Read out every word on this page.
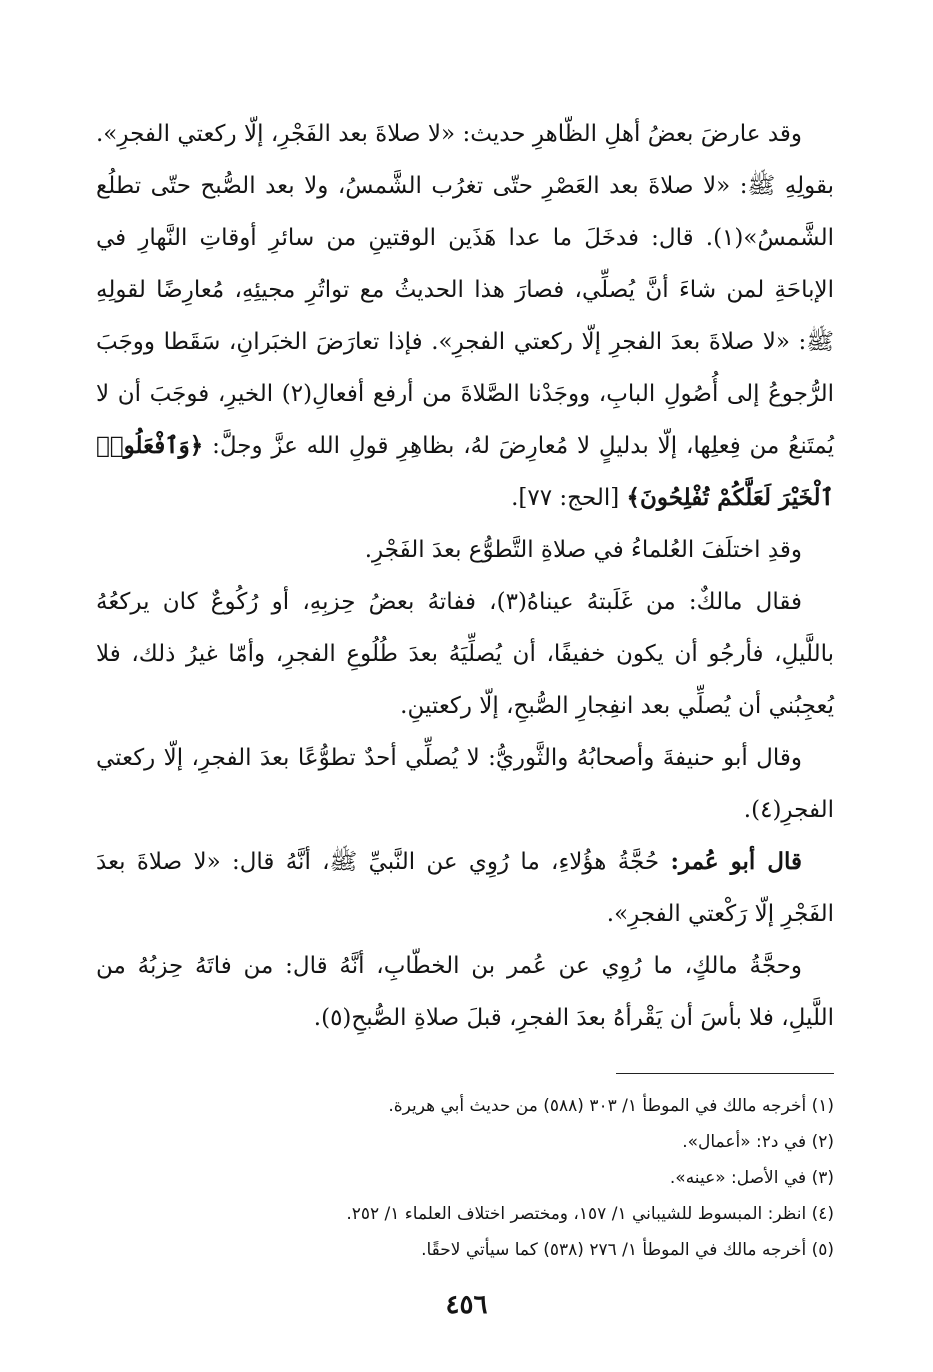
وقد عارضَ بعضُ أهلِ الظّاهرِ حديث: «لا صلاةَ بعد الفَجْرِ، إلّا ركعتي الفجرِ». بقولِهِ ﷺ: «لا صلاةَ بعد العَصْرِ حتّى تغرُب الشَّمسُ، ولا بعد الصُّبح حتّى تطلُع الشَّمسُ»(١). قال: فدخَلَ ما عدا هَذَين الوقتينِ من سائرِ أوقاتِ النَّهارِ في الإباحَةِ لمن شاءَ أنَّ يُصلِّي، فصارَ هذا الحديثُ مع تواتُرِ مجيئِهِ، مُعارِضًا لقولِهِ ﷺ: «لا صلاةَ بعدَ الفجرِ إلّا ركعتي الفجرِ». فإذا تعارَضَ الخبَرانِ، سَقَطا ووجَبَ الرُّجوعُ إلى أُصُولِ البابِ، ووجَدْنا الصَّلاةَ من أرفع أفعالِ(٢) الخيرِ، فوجَبَ أن لا يُمتَنعُ من فِعلِها، إلّا بدليلٍ لا مُعارِضَ لهُ، بظاهِرِ قولِ الله عزَّ وجلَّ: ﴿وَٱفْعَلُوا۟ ٱلْخَيْرَ لَعَلَّكُمْ تُفْلِحُونَ﴾ [الحج: ٧٧].

وقدِ اختلَفَ العُلماءُ في صلاةِ التَّطوُّع بعدَ الفَجْرِ.

فقال مالكٌ: من غَلَبتهُ عيناهُ(٣)، ففاتهُ بعضُ حِزبِهِ، أو رُكُوعٌ كان يركعُهُ باللَّيلِ، فأرجُو أن يكون خفيفًا، أن يُصلِّيَهُ بعدَ طُلُوعِ الفجرِ، وأمّا غيرُ ذلك، فلا يُعجِبُني أن يُصلِّي بعد انفِجارِ الصُّبحِ، إلّا ركعتينِ.

وقال أبو حنيفةَ وأصحابُهُ والثَّوريُّ: لا يُصلِّي أحدٌ تطوُّعًا بعدَ الفجرِ، إلّا ركعتي الفجرِ(٤).

قال أبو عُمر: حُجَّةُ هؤُلاءِ، ما رُوِي عن النَّبيِّ ﷺ، أنَّهُ قال: «لا صلاةَ بعدَ الفَجْرِ إلّا رَكْعتي الفجرِ».

وحجَّةُ مالكٍ، ما رُوِي عن عُمر بن الخطّابِ، أنَّهُ قال: من فاتَهُ حِزبُهُ من اللَّيلِ، فلا بأسَ أن يَقْرأهُ بعدَ الفجرِ، قبلَ صلاةِ الصُّبحِ(٥).

(١) أخرجه مالك في الموطأ ١/ ٣٠٣ (٥٨٨) من حديث أبي هريرة.

(٢) في د٢: «أعمال».

(٣) في الأصل: «عينه».

(٤) انظر: المبسوط للشيباني ١/ ١٥٧، ومختصر اختلاف العلماء ١/ ٢٥٢.

(٥) أخرجه مالك في الموطأ ١/ ٢٧٦ (٥٣٨) كما سيأتي لاحقًا.

٤٥٦
